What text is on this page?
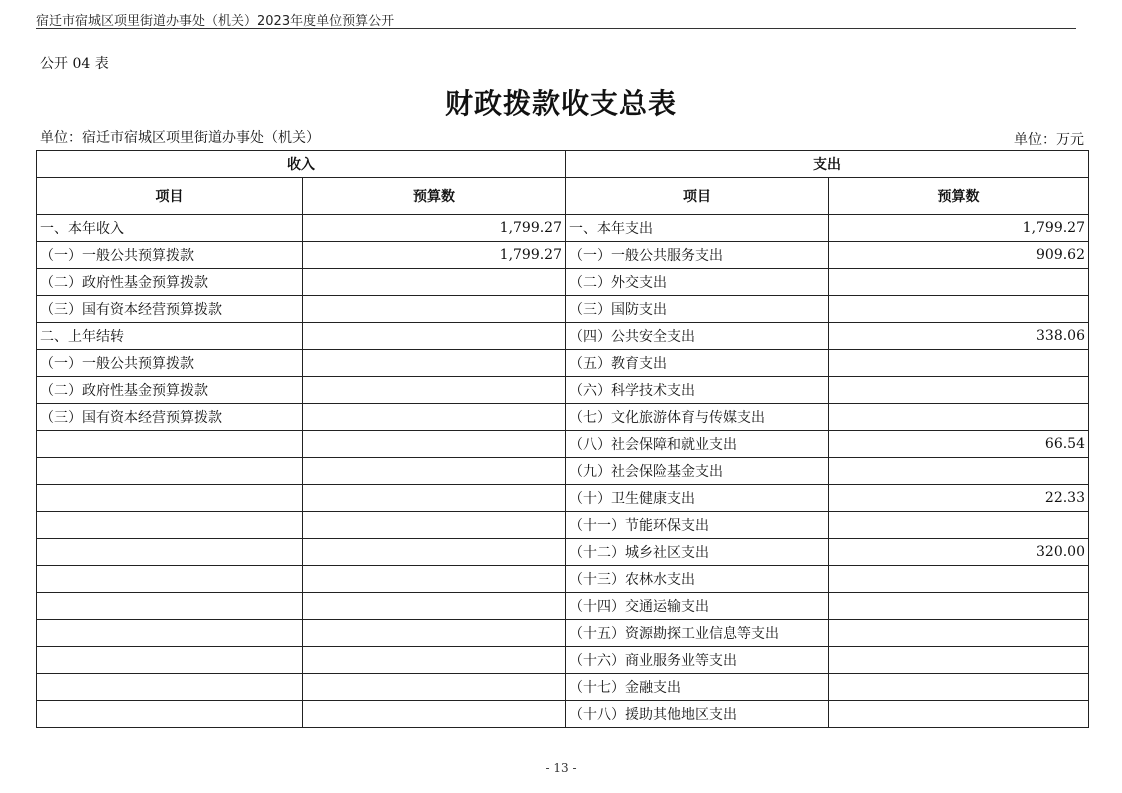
宿迁市宿城区项里街道办事处（机关）2023年度单位预算公开
公开 04 表
财政拨款收支总表
单位：宿迁市宿城区项里街道办事处（机关）	单位：万元
收入		支出	
项目	预算数	项目	预算数
一、本年收入	1,799.27	一、本年支出	1,799.27
（一）一般公共预算拨款	1,799.27	（一）一般公共服务支出	909.62
（二）政府性基金预算拨款		（二）外交支出	
（三）国有资本经营预算拨款		（三）国防支出	
二、上年结转		（四）公共安全支出	338.06
（一）一般公共预算拨款		（五）教育支出	
（二）政府性基金预算拨款		（六）科学技术支出	
（三）国有资本经营预算拨款		（七）文化旅游体育与传媒支出	
		（八）社会保障和就业支出	66.54
		（九）社会保险基金支出	
		（十）卫生健康支出	22.33
		（十一）节能环保支出	
		（十二）城乡社区支出	320.00
		（十三）农林水支出	
		（十四）交通运输支出	
		（十五）资源勘探工业信息等支出	
		（十六）商业服务业等支出	
		（十七）金融支出	
		（十八）援助其他地区支出	
- 13 -
